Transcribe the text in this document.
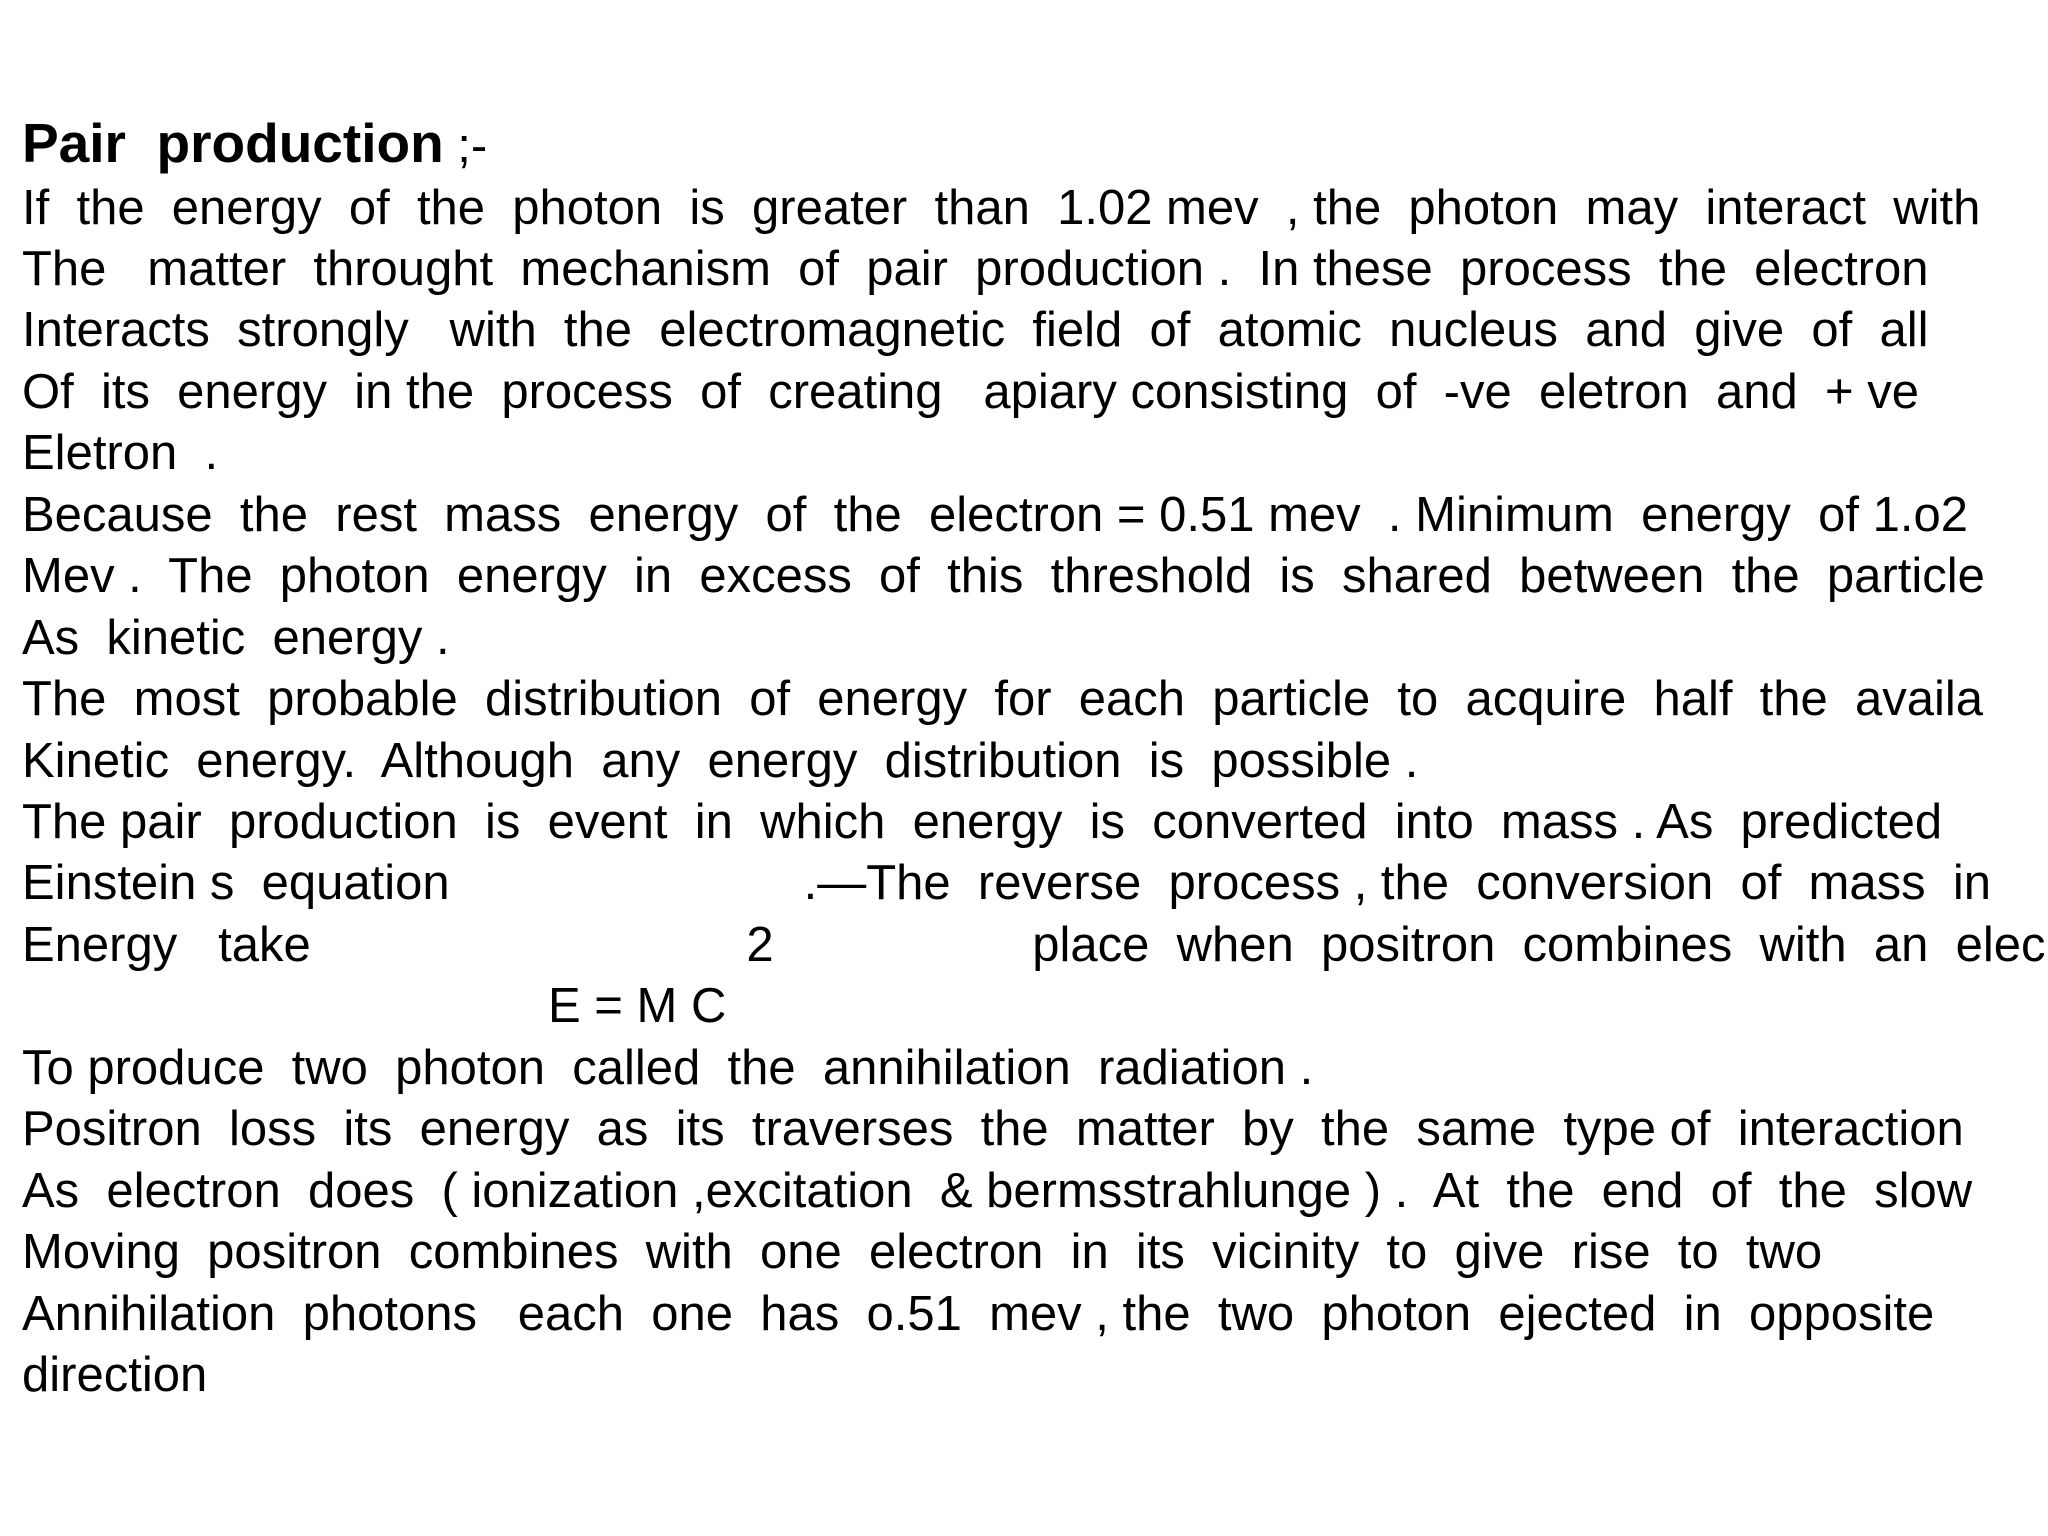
Pair  production ;-
If  the  energy  of  the  photon  is  greater  than  1.02 mev  , the  photon  may  interact  with
The   matter  throught  mechanism  of  pair  production .  In these  process  the  electron
Interacts  strongly   with  the  electromagnetic  field  of  atomic  nucleus  and  give  of  all
Of  its  energy  in the  process  of  creating   apiary consisting  of  -ve  eletron  and  + ve
Eletron  .
Because  the  rest  mass  energy  of  the  electron = 0.51 mev  . Minimum  energy  of 1.o2
Mev .  The  photon  energy  in  excess  of  this  threshold  is  shared  between  the  particle
As  kinetic  energy .
The  most  probable  distribution  of  energy  for  each  particle  to  acquire  half  the  availa
Kinetic  energy.  Although  any  energy  distribution  is  possible .
The pair  production  is  event  in  which  energy  is  converted  into  mass . As  predicted
Einstein s  equation                          .—The  reverse  process , the  conversion  of  mass  in
Energy   take                                2                   place  when  positron  combines  with  an  elec
E = M C
To produce  two  photon  called  the  annihilation  radiation .
Positron  loss  its  energy  as  its  traverses  the  matter  by  the  same  type of  interaction
As  electron  does  ( ionization ,excitation  & bermsstrahlunge ) .  At  the  end  of  the  slow
Moving  positron  combines  with  one  electron  in  its  vicinity  to  give  rise  to  two
Annihilation  photons   each  one  has  o.51  mev , the  two  photon  ejected  in  opposite
direction
